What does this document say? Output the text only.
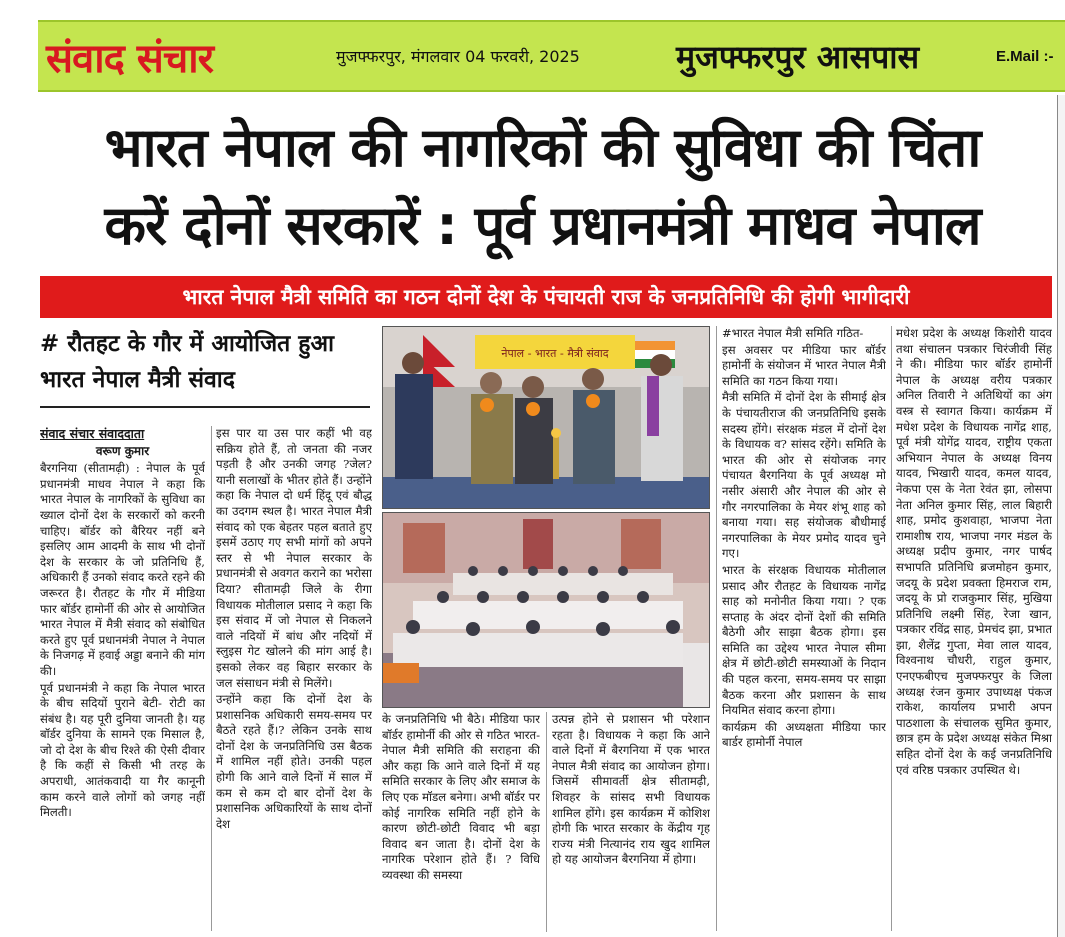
संवाद संचार	मुजफ्फरपुर, मंगलवार 04 फरवरी, 2025	मुजफ्फरपुर आसपास	E.Mail :-
भारत नेपाल की नागरिकों की सुविधा की चिंता
करें दोनों सरकारें : पूर्व प्रधानमंत्री माधव नेपाल
भारत नेपाल मैत्री समिति का गठन दोनों देश के पंचायती राज के जनप्रतिनिधि की होगी भागीदारी
# रौतहट के गौर में आयोजित हुआ भारत नेपाल मैत्री संवाद
संवाद संचार संवाददाता
वरूण कुमार

बैरगनिया (सीतामढ़ी) : नेपाल के पूर्व प्रधानमंत्री माधव नेपाल ने कहा कि भारत नेपाल के नागरिकों के सुविधा का ख्याल दोनों देश के सरकारों को करनी चाहिए। बॉर्डर को बैरियर नहीं बने इसलिए आम आदमी के साथ भी दोनों देश के सरकार के जो प्रतिनिधि हैं, अधिकारी हैं उनको संवाद करते रहने की जरूरत है। रौतहट के गौर में मीडिया फार बॉर्डर हामोर्नी की ओर से आयोजित भारत नेपाल में मैत्री संवाद को संबोधित करते हुए पूर्व प्रधानमंत्री नेपाल ने नेपाल के निजगढ़ में हवाई अड्डा बनाने की मांग की।

पूर्व प्रधानमंत्री ने कहा कि नेपाल भारत के बीच सदियों पुराने बेटी- रोटी का संबंध है। यह पूरी दुनिया जानती है। यह बॉर्डर दुनिया के सामने एक मिसाल है, जो दो देश के बीच रिश्ते की ऐसी दीवार है कि कहीं से किसी भी तरह के अपराधी, आतंकवादी या गैर कानूनी काम करने वाले लोगों को जगह नहीं मिलती।

इस पार या उस पार कहीं भी वह सक्रिय होते हैं, तो जनता की नजर पड़ती है और उनकी जगह ?जेल? यानी सलाखों के भीतर होते हैं। उन्होंने कहा कि नेपाल दो धर्म हिंदू एवं बौद्ध का उदगम स्थल है। भारत नेपाल मैत्री संवाद को एक बेहतर पहल बताते हुए इसमें उठाए गए सभी मांगों को अपने स्तर से भी नेपाल सरकार के प्रधानमंत्री से अवगत कराने का भरोसा दिया? सीतामढ़ी जिले के रीगा विधायक मोतीलाल प्रसाद ने कहा कि इस संवाद में जो नेपाल से निकलने वाले नदियों में बांध और नदियों में स्लुइस गेट खोलने की मांग आई है। इसको लेकर वह बिहार सरकार के जल संसाधन मंत्री से मिलेंगे।

उन्होंने कहा कि दोनों देश के प्रशासनिक अधिकारी समय-समय पर बैठते रहते हैं।? लेकिन उनके साथ दोनों देश के जनप्रतिनिधि उस बैठक में शामिल नहीं होते। उनकी पहल होगी कि आने वाले दिनों में साल में कम से कम दो बार दोनों देश के प्रशासनिक अधिकारियों के साथ दोनों देश

नेपाल - भारत - मैत्री संवाद

के जनप्रतिनिधि भी बैठे। मीडिया फार बॉर्डर हामोर्नी की ओर से गठित भारत- नेपाल मैत्री समिति की सराहना की और कहा कि आने वाले दिनों में यह समिति सरकार के लिए और समाज के लिए एक मॉडल बनेगा। अभी बॉर्डर पर कोई नागरिक समिति नहीं होने के कारण छोटी-छोटी विवाद भी बड़ा विवाद बन जाता है। दोनों देश के नागरिक परेशान होते हैं। ? विधि व्यवस्था की समस्या

उत्पन्न होने से प्रशासन भी परेशान रहता है। विधायक ने कहा कि आने वाले दिनों में बैरगनिया में एक भारत नेपाल मैत्री संवाद का आयोजन होगा। जिसमें सीमावर्ती क्षेत्र सीतामढ़ी, शिवहर के सांसद सभी विधायक शामिल होंगे। इस कार्यक्रम में कोशिश होगी कि भारत सरकार के केंद्रीय गृह राज्य मंत्री नित्यानंद राय खुद शामिल हो यह आयोजन बैरगनिया में होगा।

#भारत नेपाल मैत्री समिति गठित-

इस अवसर पर मीडिया फार बॉर्डर हामोर्नी के संयोजन में भारत नेपाल मैत्री समिति का गठन किया गया।

मैत्री समिति में दोनों देश के सीमाई क्षेत्र के पंचायतीराज की जनप्रतिनिधि इसके सदस्य होंगे। संरक्षक मंडल में दोनों देश के विधायक व? सांसद रहेंगे। समिति के भारत की ओर से संयोजक नगर पंचायत बैरगनिया के पूर्व अध्यक्ष मो नसीर अंसारी और नेपाल की ओर से गौर नगरपालिका के मेयर शंभू शाह को बनाया गया। सह संयोजक बौधीमाई नगरपालिका के मेयर प्रमोद यादव चुने गए।

भारत के संरक्षक विधायक मोतीलाल प्रसाद और रौतहट के विधायक नागेंद्र साह को मनोनीत किया गया। ? एक सप्ताह के अंदर दोनों देशों की समिति बैठेगी और साझा बैठक होगा। इस समिति का उद्देश्य भारत नेपाल सीमा क्षेत्र में छोटी-छोटी समस्याओं के निदान की पहल करना, समय-समय पर साझा बैठक करना और प्रशासन के साथ नियमित संवाद करना होगा।

कार्यक्रम की अध्यक्षता मीडिया फार बार्डर हामोर्नी नेपाल

मधेश प्रदेश के अध्यक्ष किशोरी यादव तथा संचालन पत्रकार चिरंजीवी सिंह ने की। मीडिया फार बॉर्डर हामोर्नी नेपाल के अध्यक्ष वरीय पत्रकार अनिल तिवारी ने अतिथियों का अंग वस्त्र से स्वागत किया। कार्यक्रम में मधेश प्रदेश के विधायक नागेंद्र शाह, पूर्व मंत्री योगेंद्र यादव, राष्ट्रीय एकता अभियान नेपाल के अध्यक्ष विनय यादव, भिखारी यादव, कमल यादव, नेकपा एस के नेता रेवंत झा, लोसपा नेता अनिल कुमार सिंह, लाल बिहारी शाह, प्रमोद कुशवाहा, भाजपा नेता रामाशीष राय, भाजपा नगर मंडल के अध्यक्ष प्रदीप कुमार, नगर पार्षद सभापति प्रतिनिधि ब्रजमोहन कुमार, जदयू के प्रदेश प्रवक्ता हिमराज राम, जदयू के प्रो राजकुमार सिंह, मुखिया प्रतिनिधि लक्ष्मी सिंह, रेजा खान, पत्रकार रविंद्र साह, प्रेमचंद झा, प्रभात झा, शैलेंद्र गुप्ता, मेवा लाल यादव, विश्वनाथ चौधरी, राहुल कुमार, एनएफबीएच मुजफ्फरपुर के जिला अध्यक्ष रंजन कुमार उपाध्यक्ष पंकज राकेश, कार्यालय प्रभारी अपन पाठशाला के संचालक सुमित कुमार, छात्र हम के प्रदेश अध्यक्ष संकेत मिश्रा सहित दोनों देश के कई जनप्रतिनिधि एवं वरिष्ठ पत्रकार उपस्थित थे।
